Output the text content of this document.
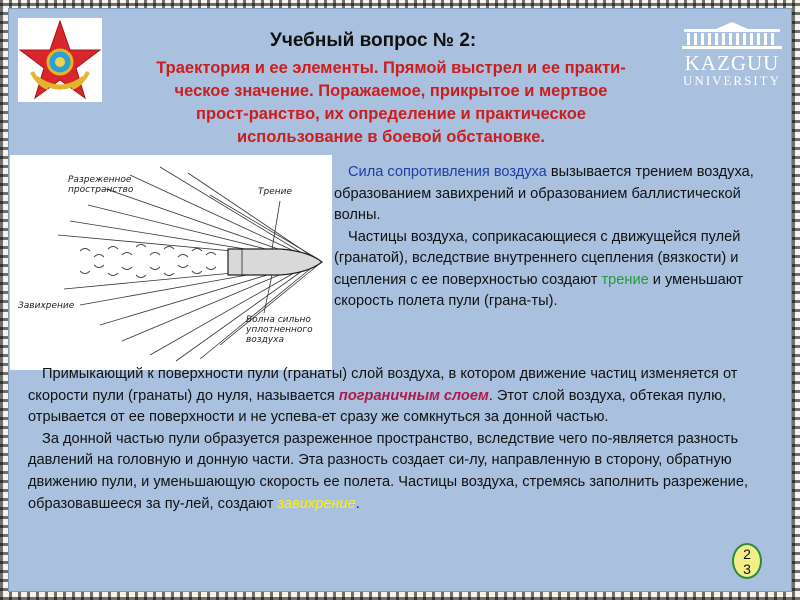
KAZGUU
UNIVERSITY
Учебный вопрос № 2:
Траектория и ее элементы. Прямой выстрел и ее практи-
ческое значение. Поражаемое, прикрытое и мертвое
прост-ранство, их определение и практическое
использование в боевой обстановке.
Разреженное
пространство	Трение
Завихрение
Волна сильно
уплотненного
воздуха

Сила сопротивления воздуха вызывается трением воздуха, образованием завихрений и образованием баллистической волны.

Частицы воздуха, соприкасающиеся с движущейся пулей (гранатой), вследствие внутреннего сцепления (вязкости) и сцепления с ее поверхностью создают трение и уменьшают скорость полета пули (грана-ты).

Примыкающий к поверхности пули (гранаты) слой воздуха, в котором движение частиц изменяется от скорости пули (гранаты) до нуля, называется пограничным слоем. Этот слой воздуха, обтекая пулю, отрывается от ее поверхности и не успева-ет сразу же сомкнуться за донной частью.

За донной частью пули образуется разреженное пространство, вследствие чего по-является разность давлений на головную и донную части. Эта разность создает си-лу, направленную в сторону, обратную движению пули, и уменьшающую скорость ее полета. Частицы воздуха, стремясь заполнить разрежение, образовавшееся за пу-лей, создают завихрение.

2
3
